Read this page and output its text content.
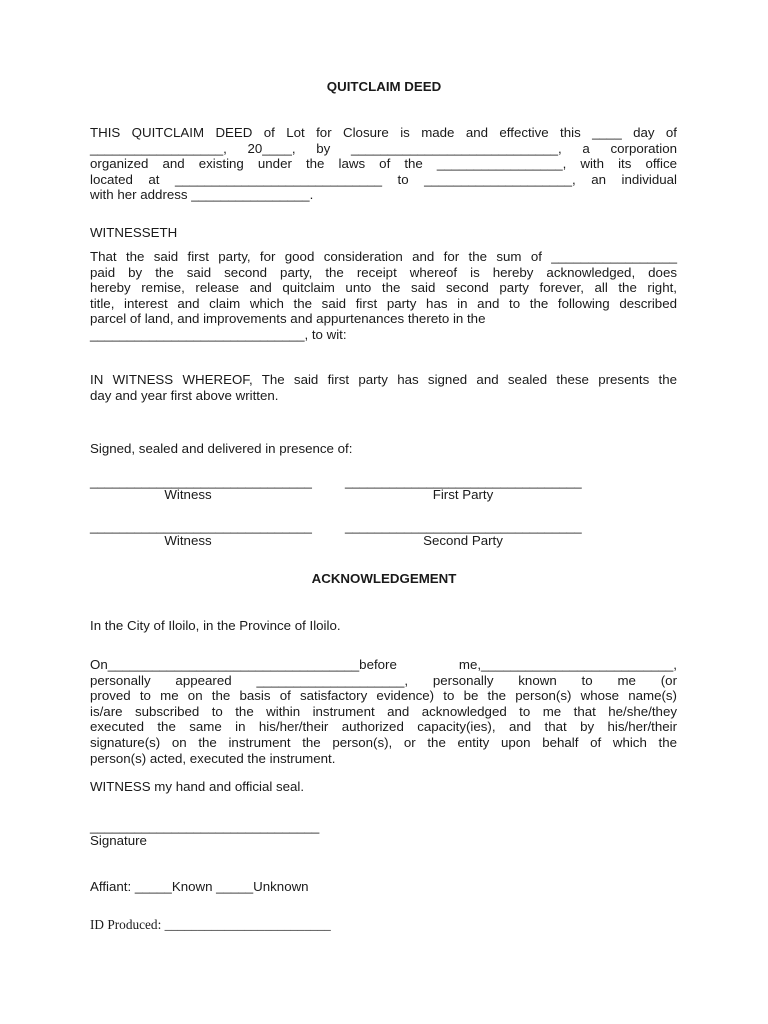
QUITCLAIM DEED
THIS QUITCLAIM DEED of Lot for Closure is made and effective this ____ day of
__________________, 20____, by ____________________________, a corporation
organized and existing under the laws of the _________________, with its office
located at ____________________________ to ____________________, an individual
with her address ________________.
WITNESSETH
That the said first party, for good consideration and for the sum of _________________
paid by the said second party, the receipt whereof is hereby acknowledged, does
hereby remise, release and quitclaim unto the said second party forever, all the right,
title, interest and claim which the said first party has in and to the following described
parcel of land, and improvements and appurtenances thereto in the
_____________________________, to wit:
IN WITNESS WHEREOF, The said first party has signed and sealed these presents the
day and year first above written.
Signed, sealed and delivered in presence of:
______________________________ ________________________________
Witness	First Party
______________________________ ________________________________
Witness	Second Party
ACKNOWLEDGEMENT
In the City of Iloilo, in the Province of Iloilo.
On__________________________________before me,__________________________,
personally appeared ____________________, personally known to me (or
proved to me on the basis of satisfactory evidence) to be the person(s) whose name(s)
is/are subscribed to the within instrument and acknowledged to me that he/she/they
executed the same in his/her/their authorized capacity(ies), and that by his/her/their
signature(s) on the instrument the person(s), or the entity upon behalf of which the
person(s) acted, executed the instrument.
WITNESS my hand and official seal.
_______________________________
Signature
Affiant: _____Known _____Unknown
ID Produced: _________________________
